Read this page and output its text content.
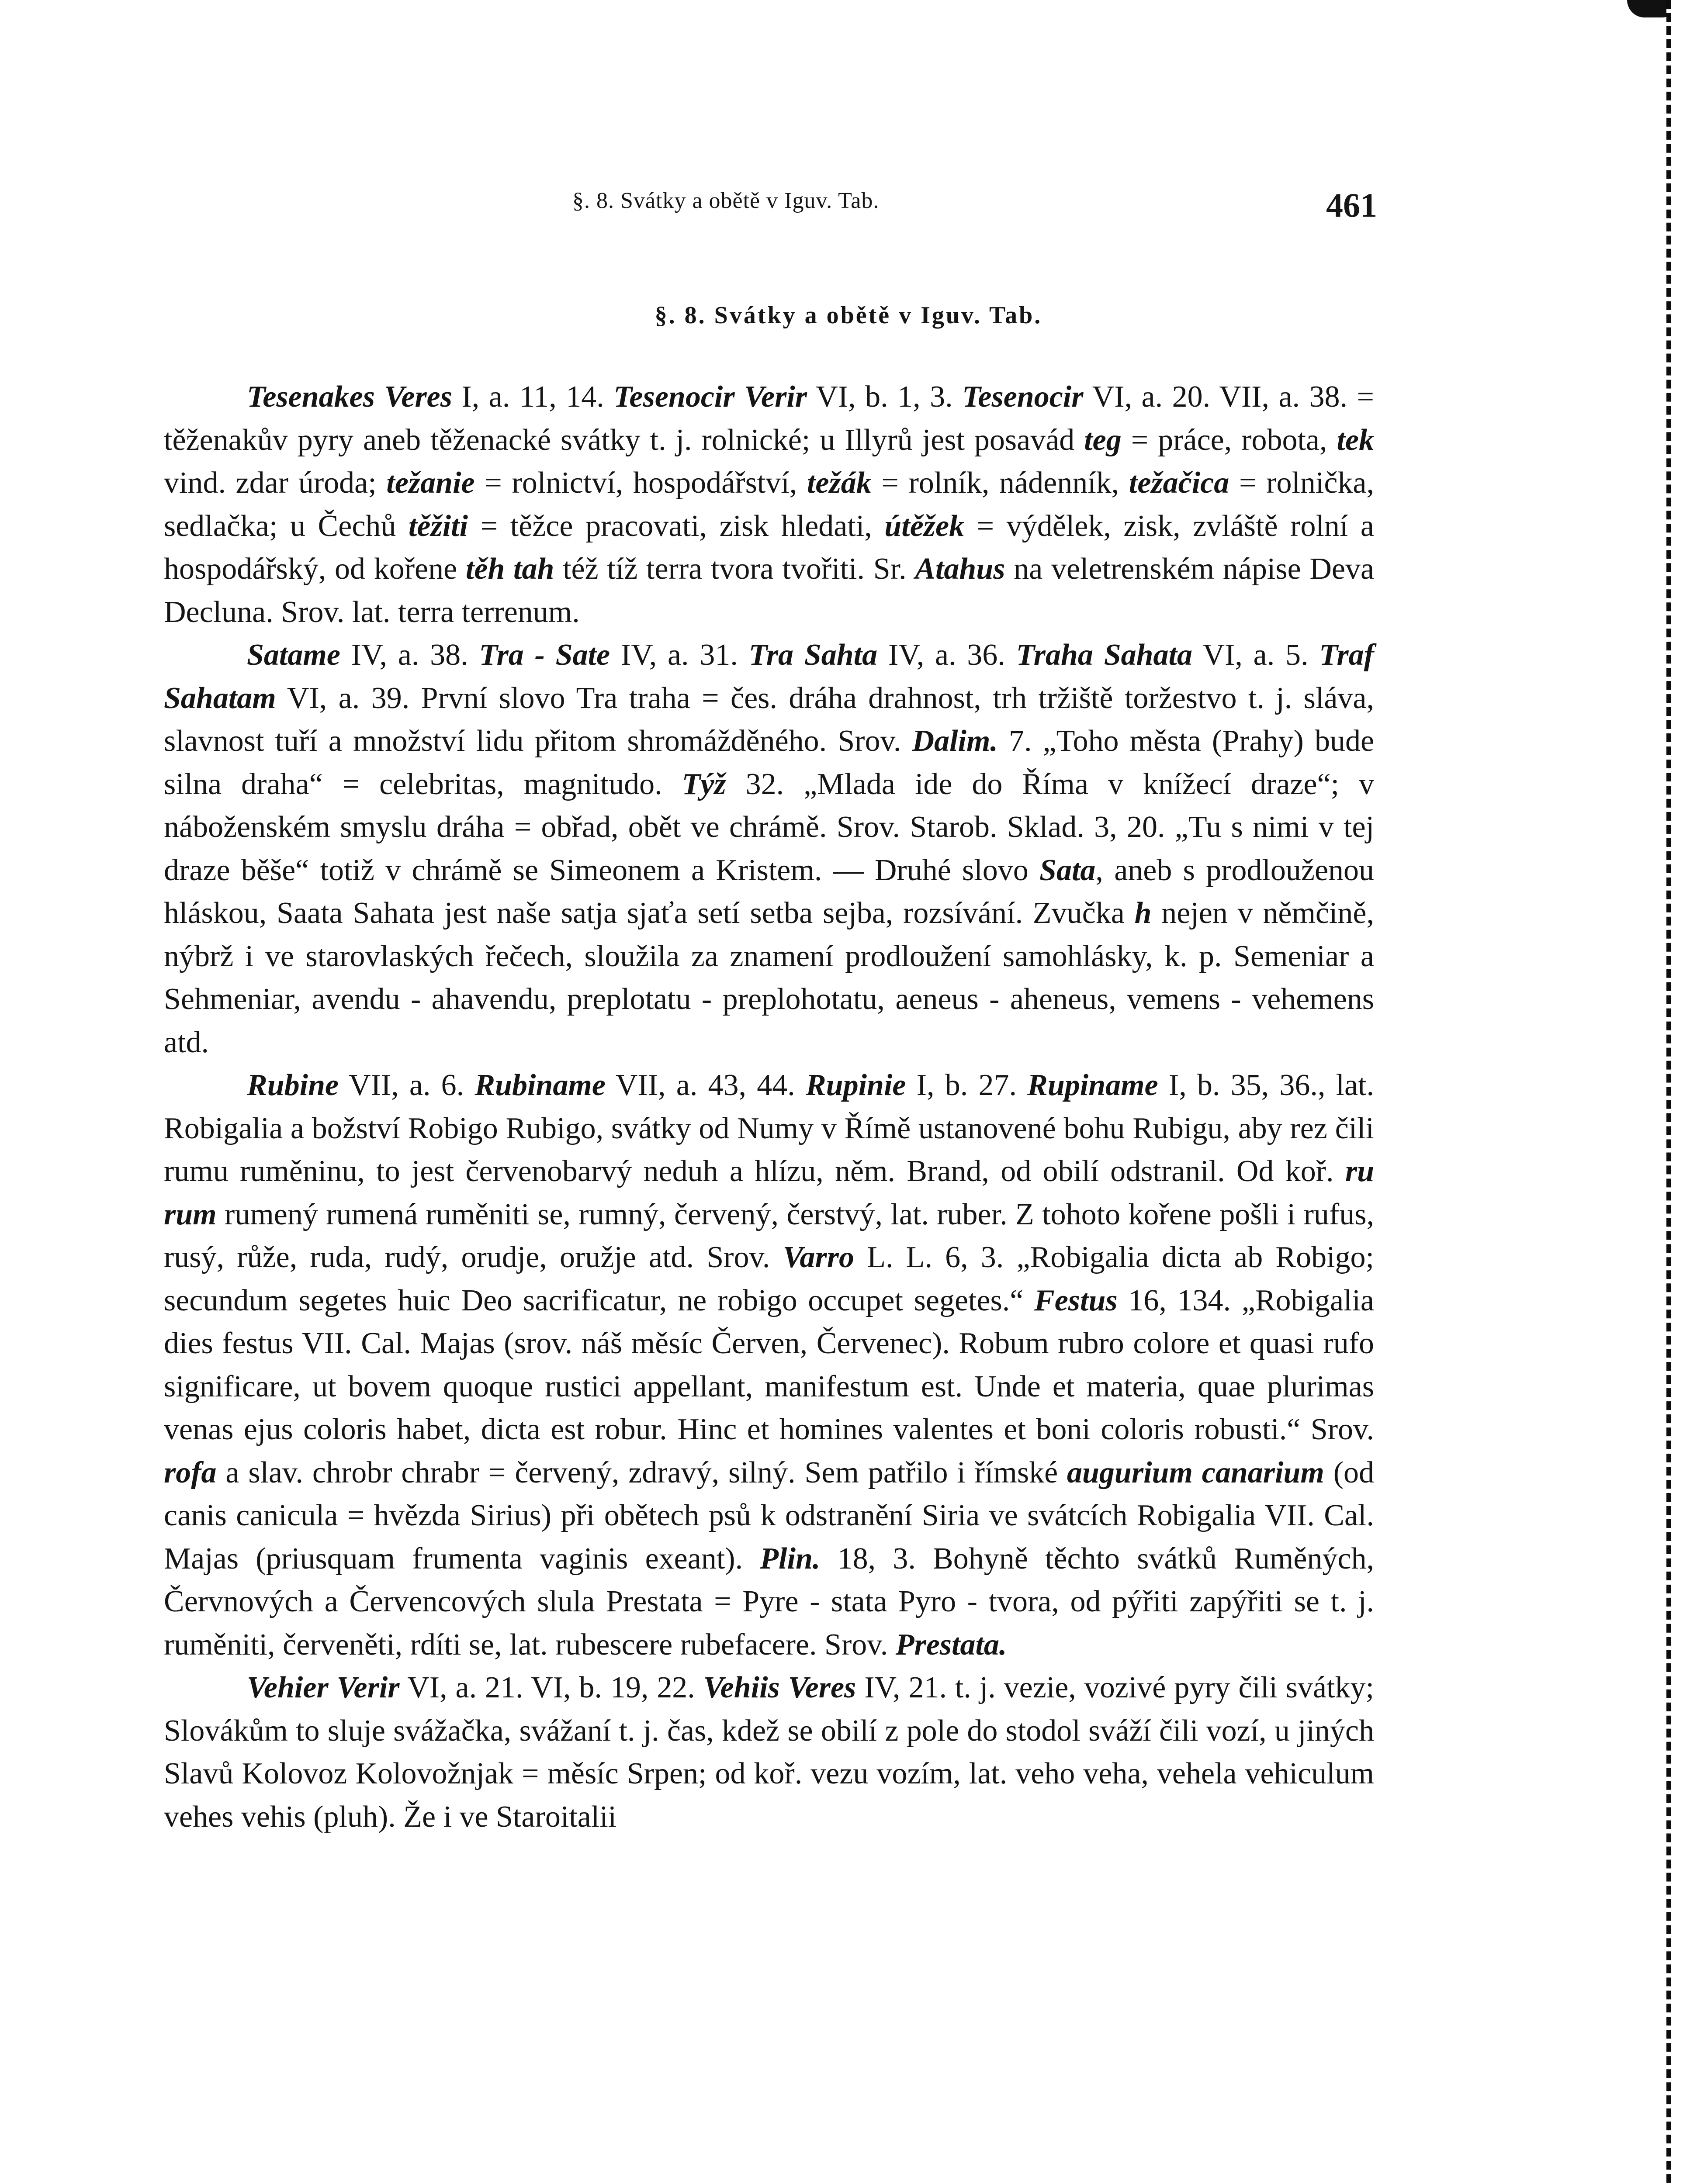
§. 8. Svátky a obětě v Iguv. Tab.	461
§. 8. Svátky a obětě v Iguv. Tab.

Tesenakes Veres I, a. 11, 14. Tesenocir Verir VI, b. 1, 3. Tesenocir VI, a. 20. VII, a. 38. = těženakův pyry aneb těženacké svátky t. j. rolnické; u Illyrů jest posavád teg = práce, robota, tek vind. zdar úroda; težanie = rolnictví, hospodářství, težák = rolník, nádenník, težačica = rolnička, sedlačka; u Čechů těžiti = těžce pracovati, zisk hledati, útěžek = výdělek, zisk, zvláště rolní a hospodářský, od kořene těh tah též tíž terra tvora tvořiti. Sr. Atahus na veletrenském nápise Deva Decluna. Srov. lat. terra terrenum.

Satame IV, a. 38. Tra - Sate IV, a. 31. Tra Sahta IV, a. 36. Traha Sahata VI, a. 5. Traf Sahatam VI, a. 39. První slovo Tra traha = čes. dráha drahnost, trh tržiště toržestvo t. j. sláva, slavnost tuří a množství lidu přitom shromážděného. Srov. Dalim. 7. „Toho města (Prahy) bude silna draha“ = celebritas, magnitudo. Týž 32. „Mlada ide do Říma v knížecí draze“; v náboženském smyslu dráha = obřad, obět ve chrámě. Srov. Starob. Sklad. 3, 20. „Tu s nimi v tej draze běše“ totiž v chrámě se Simeonem a Kristem. — Druhé slovo Sata, aneb s prodlouženou hláskou, Saata Sahata jest naše satja sjaťa setí setba sejba, rozsívání. Zvučka h nejen v němčině, nýbrž i ve starovlaských řečech, sloužila za znamení prodloužení samohlásky, k. p. Semeniar a Sehmeniar, avendu - ahavendu, preplotatu - preplohotatu, aeneus - aheneus, vemens - vehemens atd.

Rubine VII, a. 6. Rubiname VII, a. 43, 44. Rupinie I, b. 27. Rupiname I, b. 35, 36., lat. Robigalia a božství Robigo Rubigo, svátky od Numy v Římě ustanovené bohu Rubigu, aby rez čili rumu ruměninu, to jest červenobarvý neduh a hlízu, něm. Brand, od obilí odstranil. Od koř. ru rum rumený rumená ruměniti se, rumný, červený, čerstvý, lat. ruber. Z tohoto kořene pošli i rufus, rusý, růže, ruda, rudý, orudje, oružje atd. Srov. Varro L. L. 6, 3. „Robigalia dicta ab Robigo; secundum segetes huic Deo sacrificatur, ne robigo occupet segetes.“ Festus 16, 134. „Robigalia dies festus VII. Cal. Majas (srov. náš měsíc Červen, Červenec). Robum rubro colore et quasi rufo significare, ut bovem quoque rustici appellant, manifestum est. Unde et materia, quae plurimas venas ejus coloris habet, dicta est robur. Hinc et homines valentes et boni coloris robusti.“ Srov. rofa a slav. chrobr chrabr = červený, zdravý, silný. Sem patřilo i římské augurium canarium (od canis canicula = hvězda Sirius) při obětech psů k odstranění Siria ve svátcích Robigalia VII. Cal. Majas (priusquam frumenta vaginis exeant). Plin. 18, 3. Bohyně těchto svátků Ruměných, Červnových a Červencových slula Prestata = Pyre - stata Pyro - tvora, od pýřiti zapýřiti se t. j. ruměniti, červeněti, rdíti se, lat. rubescere rubefacere. Srov. Prestata.

Vehier Verir VI, a. 21. VI, b. 19, 22. Vehiis Veres IV, 21. t. j. vezie, vozivé pyry čili svátky; Slovákům to sluje svážačka, svážaní t. j. čas, kdež se obilí z pole do stodol sváží čili vozí, u jiných Slavů Kolovoz Kolovožnjak = měsíc Srpen; od koř. vezu vozím, lat. veho veha, vehela vehiculum vehes vehis (pluh). Že i ve Staroitalii
